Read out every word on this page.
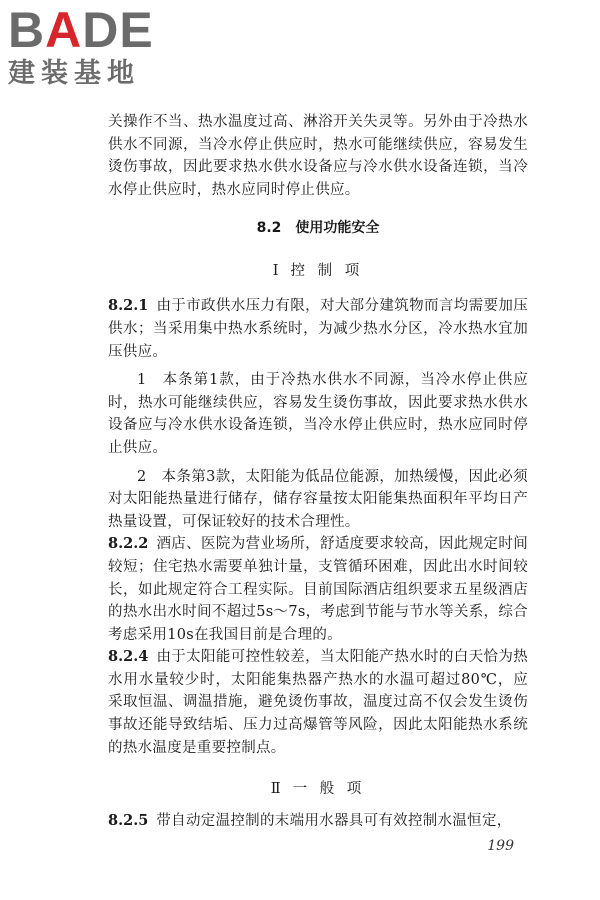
BADE
建装基地

关操作不当、热水温度过高、淋浴开关失灵等。另外由于冷热水供水不同源，当冷水停止供应时，热水可能继续供应，容易发生烫伤事故，因此要求热水供水设备应与冷水供水设备连锁，当冷水停止供应时，热水应同时停止供应。

8.2　使用功能安全
Ⅰ 控 制 项

8.2.1 由于市政供水压力有限，对大部分建筑物而言均需要加压供水；当采用集中热水系统时，为减少热水分区，冷水热水宜加压供应。

1　本条第1款，由于冷热水供水不同源，当冷水停止供应时，热水可能继续供应，容易发生烫伤事故，因此要求热水供水设备应与冷水供水设备连锁，当冷水停止供应时，热水应同时停止供应。

2　本条第3款，太阳能为低品位能源，加热缓慢，因此必须对太阳能热量进行储存，储存容量按太阳能集热面积年平均日产热量设置，可保证较好的技术合理性。

8.2.2 酒店、医院为营业场所，舒适度要求较高，因此规定时间较短；住宅热水需要单独计量，支管循环困难，因此出水时间较长，如此规定符合工程实际。目前国际酒店组织要求五星级酒店的热水出水时间不超过5s～7s，考虑到节能与节水等关系，综合考虑采用10s在我国目前是合理的。

8.2.4 由于太阳能可控性较差，当太阳能产热水时的白天恰为热水用水量较少时，太阳能集热器产热水的水温可超过80℃，应采取恒温、调温措施，避免烫伤事故，温度过高不仅会发生烫伤事故还能导致结垢、压力过高爆管等风险，因此太阳能热水系统的热水温度是重要控制点。

Ⅱ 一 般 项

8.2.5 带自动定温控制的末端用水器具可有效控制水温恒定，

199
